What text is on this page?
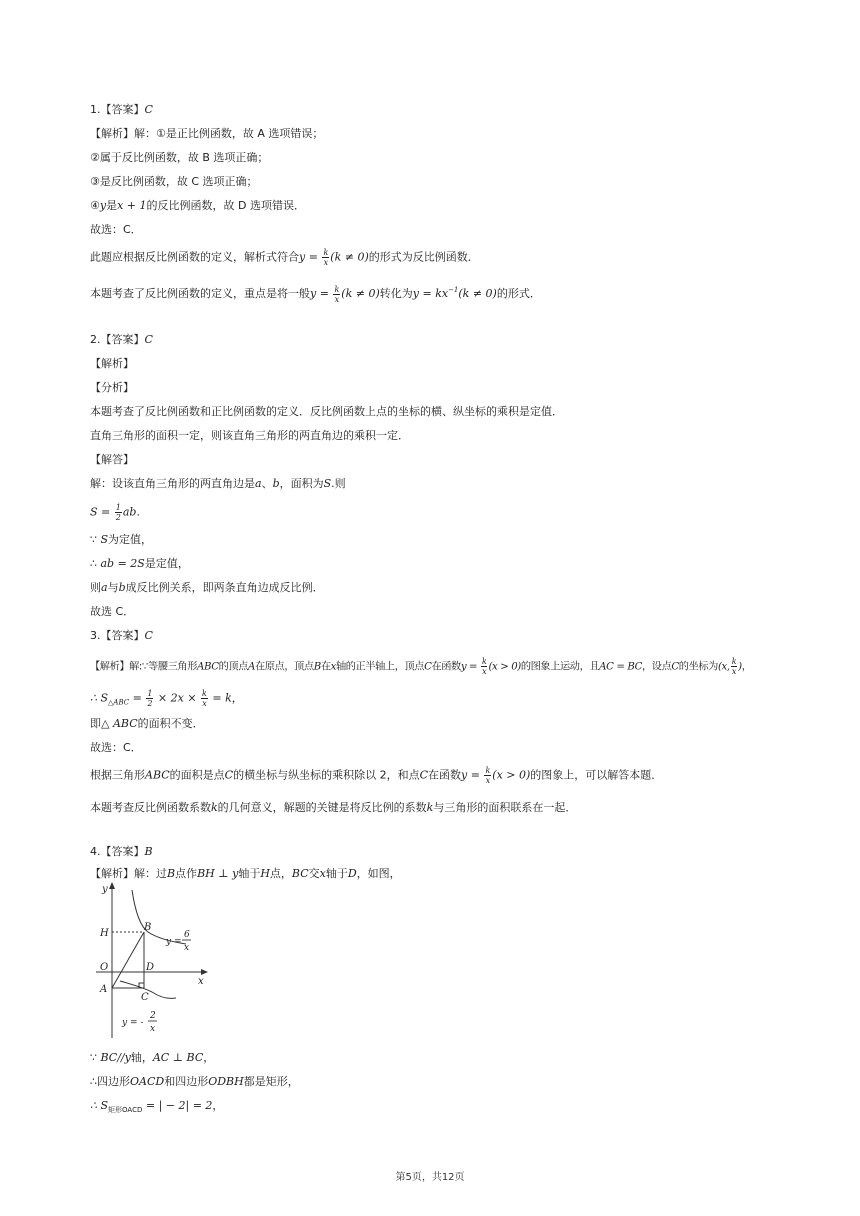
1.【答案】C
【解析】解：①是正比例函数，故 A 选项错误；
②属于反比例函数，故 B 选项正确；
③是反比例函数，故 C 选项正确；
④y是x + 1的反比例函数，故 D 选项错误．
故选：C．
此题应根据反比例函数的定义，解析式符合$y = \frac{k}{x} (k \ne 0)$的形式为反比例函数．
本题考查了反比例函数的定义，重点是将一般$y = \frac{k}{x} (k \ne 0)$转化为$y = kx^{-1}(k \ne 0)$的形式．
2.【答案】C
【解析】
【分析】
本题考查了反比例函数和正比例函数的定义．反比例函数上点的坐标的横、纵坐标的乘积是定值．
直角三角形的面积一定，则该直角三角形的两直角边的乘积一定．
【解答】
解：设该直角三角形的两直角边是a、b，面积为S.则
$S = \frac{1}{2}$ ab.
∵ S为定值，
∴ ab = 2S是定值，
则a与b成反比例关系，即两条直角边成反比例．
故选 C．
3.【答案】C
【解析】解:∵等腰三角形ABC的顶点A在原点，顶点B在x轴的正半轴上，顶点C在函数$y = \frac{k}{x} (x > 0)$的图象上运动，且AC = BC，设点C的坐标为(x, $\frac{k}{x}$ )，
∴ $S_{\triangle ABC} = \frac{1}{2} \times 2x \times \frac{k}{x} = k$，
即△ ABC的面积不变．
故选：C．
根据三角形ABC的面积是点C的横坐标与纵坐标的乘积除以 2，和点C在函数$y = \frac{k}{x} (x > 0)$的图象上，可以解答本题．
本题考查反比例函数系数k的几何意义，解题的关键是将反比例的系数k与三角形的面积联系在一起．
4.【答案】B
【解析】解：过B点作BH ⊥ y轴于H点，BC交x轴于D，如图，
y
x
H
B
O	D
A
C
y =
6
x
y = -
2
x
∵ BC//y轴，AC ⊥ BC，
∴四边形OACD和四边形ODBH都是矩形，
∴ $S_{矩形OACD}$ = | − 2| = 2，
第5页，共12页
